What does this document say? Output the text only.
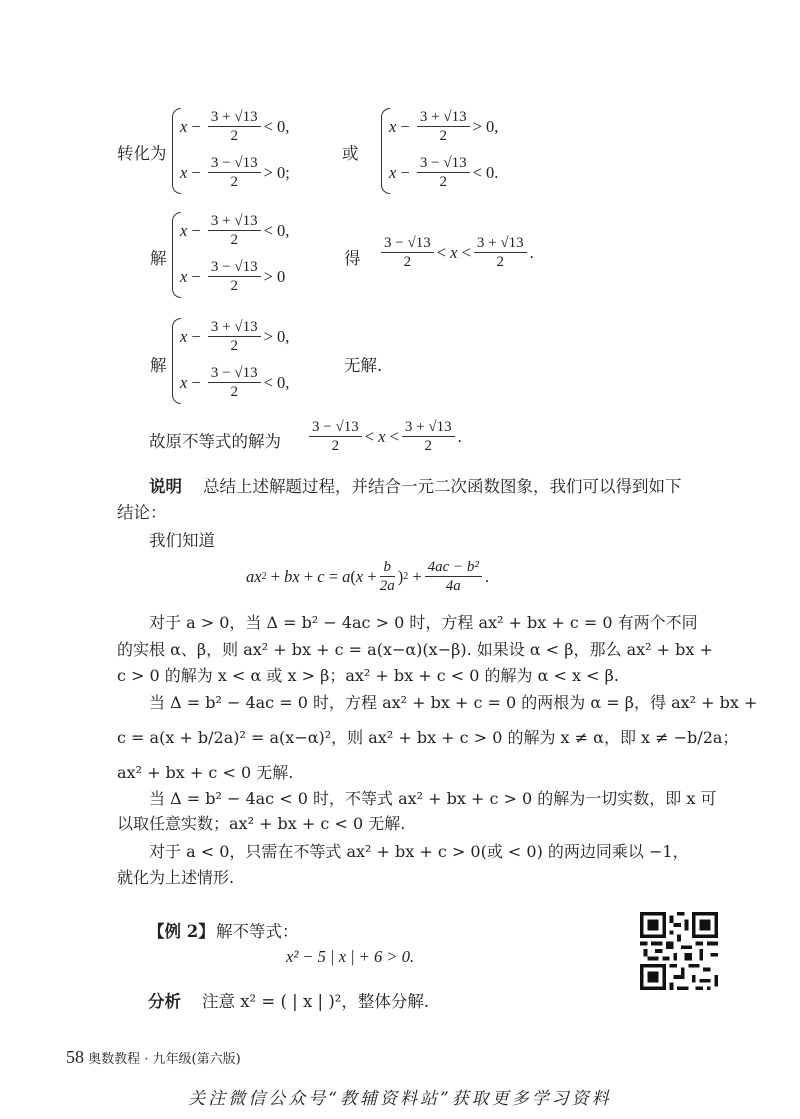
转化为
$x - \frac{3 + √13}{2} < 0$,
$x - \frac{3 - √13}{2} > 0$;
或
$x - \frac{3 + √13}{2} > 0$,
$x - \frac{3 - √13}{2} < 0$.
解
$x - \frac{3 + √13}{2} < 0$,
$x - \frac{3 - √13}{2} > 0$
得 $\frac{3 - √13}{2} < x < \frac{3 + √13}{2}$ .
解
$x - \frac{3 + √13}{2} > 0$,
$x - \frac{3 - √13}{2} < 0$,
无解.
故原不等式的解为 $\frac{3 - √13}{2} < x < \frac{3 + √13}{2}$ .
说明 总结上述解题过程，并结合一元二次函数图象，我们可以得到如下
结论：
我们知道
ax 2 + bx + c = a ( $x + \frac{b}{2a}$ ) $2 + \frac{\text{4ac − b²}}{4a}$ .
对于 a > 0，当 Δ = b² − 4ac > 0 时，方程 ax² + bx + c = 0 有两个不同
的实根 α、β，则 ax² + bx + c = a(x−α)(x−β). 如果设 α < β，那么 ax² + bx +
c > 0 的解为 x < α 或 x > β；ax² + bx + c < 0 的解为 α < x < β.
当 Δ = b² − 4ac = 0 时，方程 ax² + bx + c = 0 的两根为 α = β，得 ax² + bx +
c = a(x + b/2a)² = a(x−α)²，则 ax² + bx + c > 0 的解为 x ≠ α，即 x ≠ −b/2a；
ax² + bx + c < 0 无解.
当 Δ = b² − 4ac < 0 时，不等式 ax² + bx + c > 0 的解为一切实数，即 x 可
以取任意实数；ax² + bx + c < 0 无解.
对于 a < 0，只需在不等式 ax² + bx + c > 0(或 < 0) 的两边同乘以 −1，
就化为上述情形.
【例 2】 解不等式：
x² − 5 | x | + 6 > 0.
分析 注意 x² = ( | x | )²，整体分解.
58 奥数教程 · 九年级(第六版)
关注微信公众号“教辅资料站”获取更多学习资料
